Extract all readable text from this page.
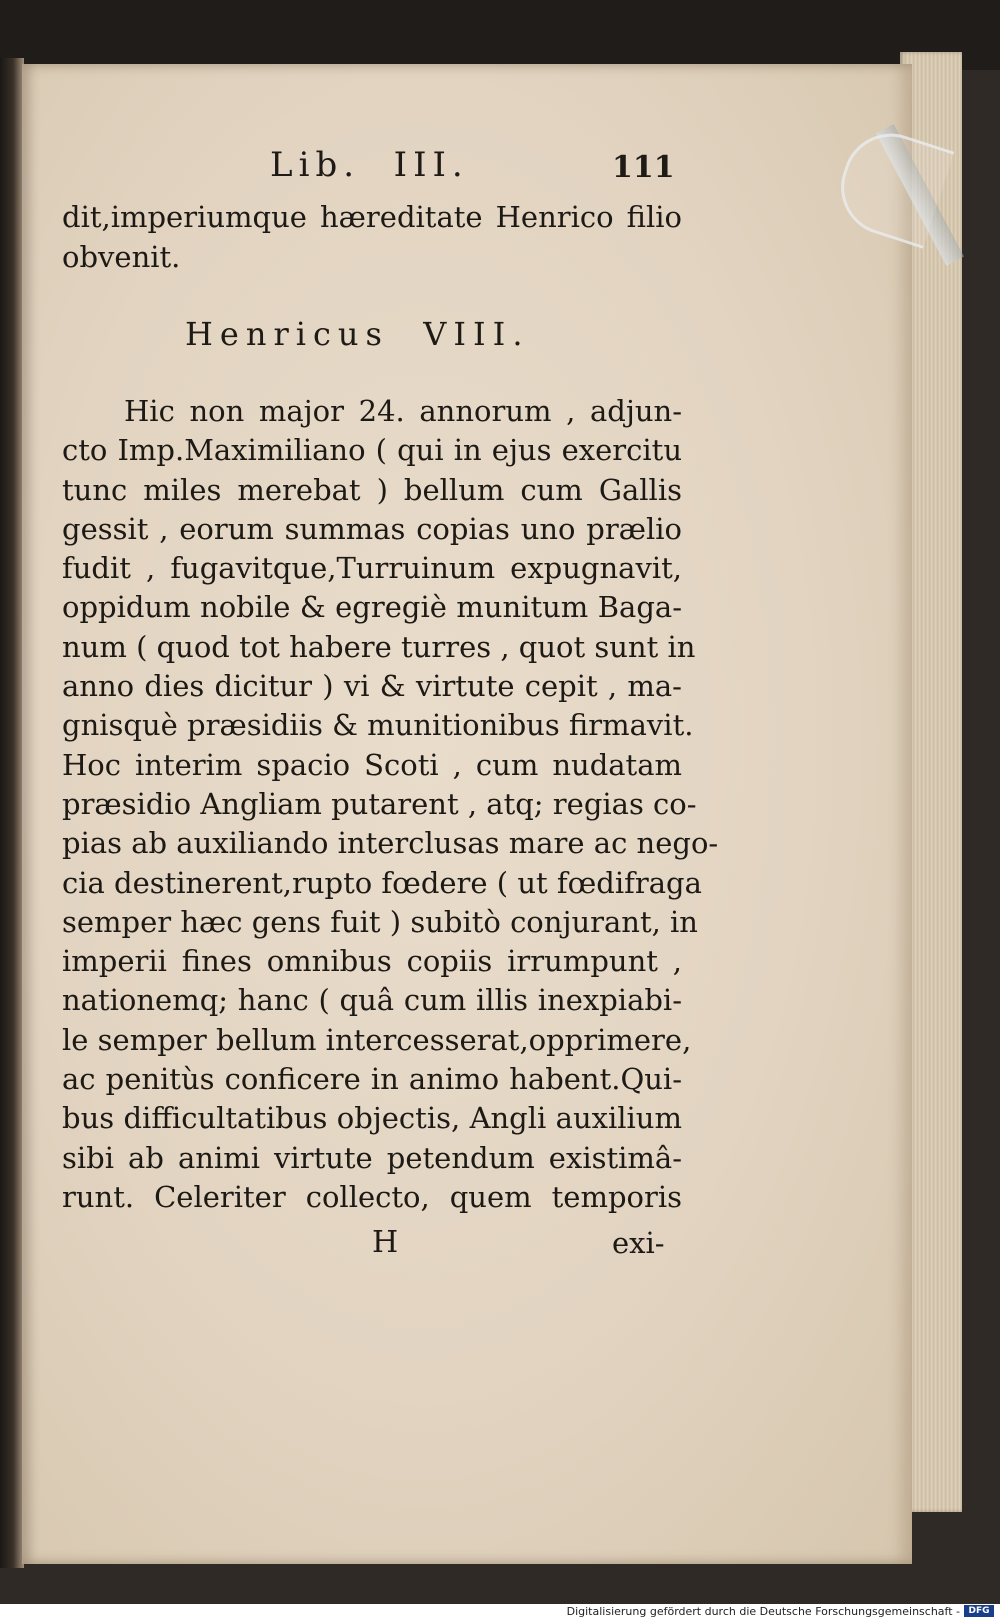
Lib.  III.	111
dit,imperiumque hæreditate Henrico filio
obvenit.
Henricus  VIII.
Hic non major 24. annorum , adjun-
cto Imp.Maximiliano ( qui in ejus exercitu
tunc miles merebat ) bellum cum Gallis
gessit , eorum summas copias uno prælio
fudit , fugavitque,Turruinum expugnavit,
oppidum nobile & egregiè munitum Baga-
num ( quod tot habere turres , quot sunt in
anno dies dicitur ) vi & virtute cepit , ma-
gnisquè præsidiis & munitionibus firmavit.
Hoc interim spacio Scoti , cum nudatam
præsidio Angliam putarent , atq; regias co-
pias ab auxiliando interclusas mare ac nego-
cia destinerent,rupto fœdere ( ut fœdifraga
semper hæc gens fuit ) subitò conjurant, in
imperii fines omnibus copiis irrumpunt ,
nationemq; hanc ( quâ cum illis inexpiabi-
le semper bellum intercesserat,opprimere,
ac penitùs conficere in animo habent.Qui-
bus difficultatibus objectis, Angli auxilium
sibi ab animi virtute petendum existimâ-
runt. Celeriter collecto, quem temporis
H	exi-
Digitalisierung gefördert durch die Deutsche Forschungsgemeinschaft - DFG
